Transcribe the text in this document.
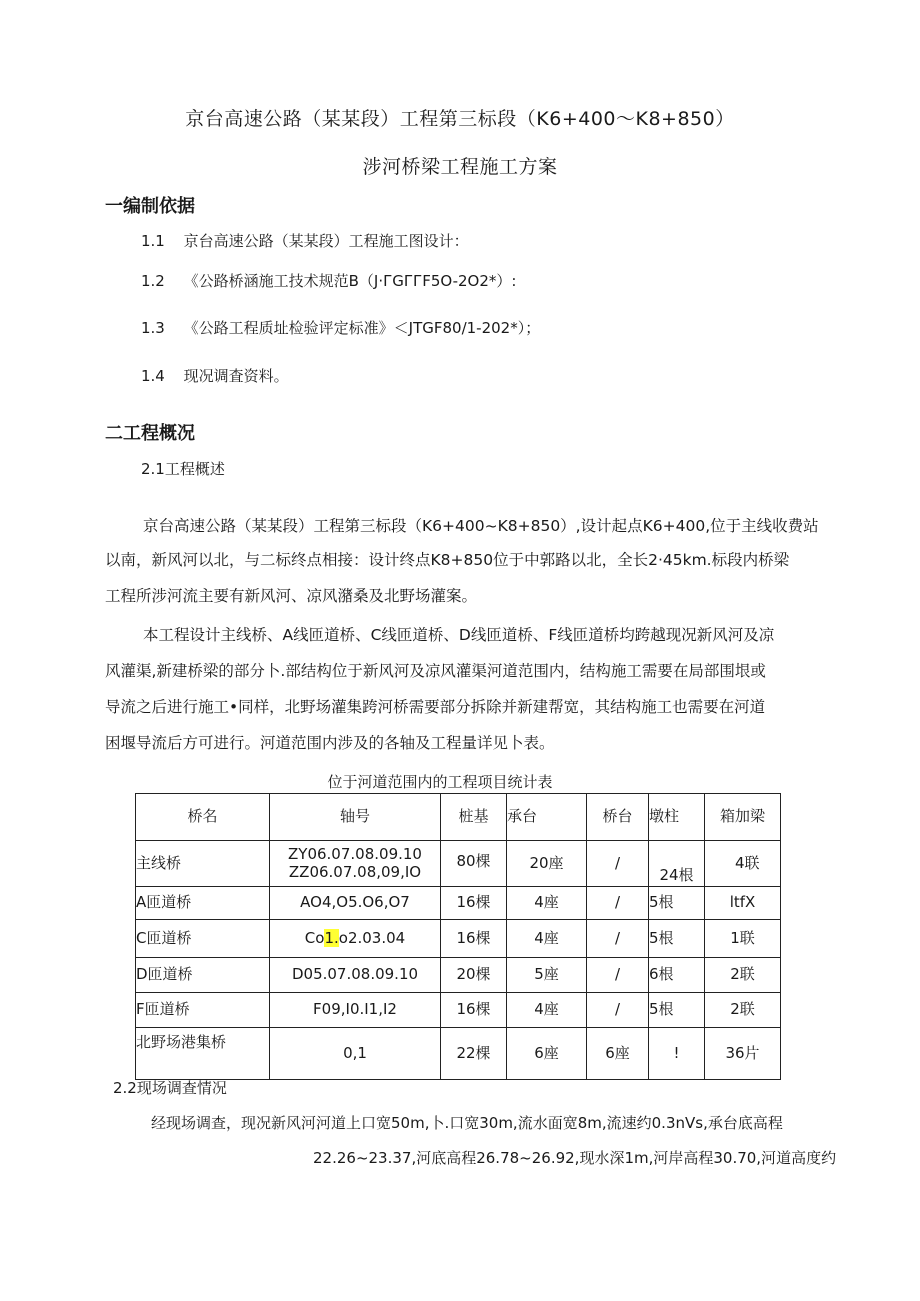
京台高速公路（某某段）工程第三标段（K6+400～K8+850）
涉河桥梁工程施工方案
一编制依据
1.1 京台高速公路（某某段）工程施工图设计：
1.2 《公路桥涵施工技术规范B（J·ГGГГF5O-2O2*）:
1.3 《公路工程质址检验评定标准》＜JTGF80/1-202*）；
1.4 现况调査资料。
二工程概况
2.1工程概述
京台高速公路（某某段）工程第三标段（K6+400~K8+850）,设计起点K6+400,位于主线收费站
以南，新风河以北，与二标终点相接：设计终点K8+850位于中郭路以北，全长2·45km.标段内桥梁
工程所涉河流主要有新风河、凉风潴桑及北野场灌案。
本工程设计主线桥、A线匝道桥、C线匝道桥、D线匝道桥、F线匝道桥均跨越现况新风河及凉
风灌渠,新建桥梁的部分卜.部结构位于新风河及凉风灌渠河道范围内，结构施工需要在局部围垠或
导流之后进行施工•同样，北野场灌集跨河桥需要部分拆除并新建帮宽，其结构施工也需要在河道
困堰导流后方可进行。河道范围内涉及的各轴及工程量详见卜表。
位于河道范围内的工程项目统计表
桥名	轴号	桩基	承台	桥台	墩柱	箱加梁
主线桥	ZY06.07.08.09.10
ZZ06.07.08,09,IO	80棵	20座	/	24根	4联
A匝道桥	AO4,O5.O6,O7	16棵	4座	/	5根	ltfX
C匝道桥	Co1.o2.03.04	16棵	4座	/	5根	1联
D匝道桥	D05.07.08.09.10	20棵	5座	/	6根	2联
F匝道桥	F09,I0.I1,I2	16棵	4座	/	5根	2联
北野场港集桥	0,1	22棵	6座	6座	!	36片
2.2现场调查情况
经现场调查，现况新风河河道上口宽50m,卜.口宽30m,流水面宽8m,流速约0.3nVs,承台底高程
22.26~23.37,河底高程26.78~26.92,现水深1m,河岸高程30.70,河道高度约
